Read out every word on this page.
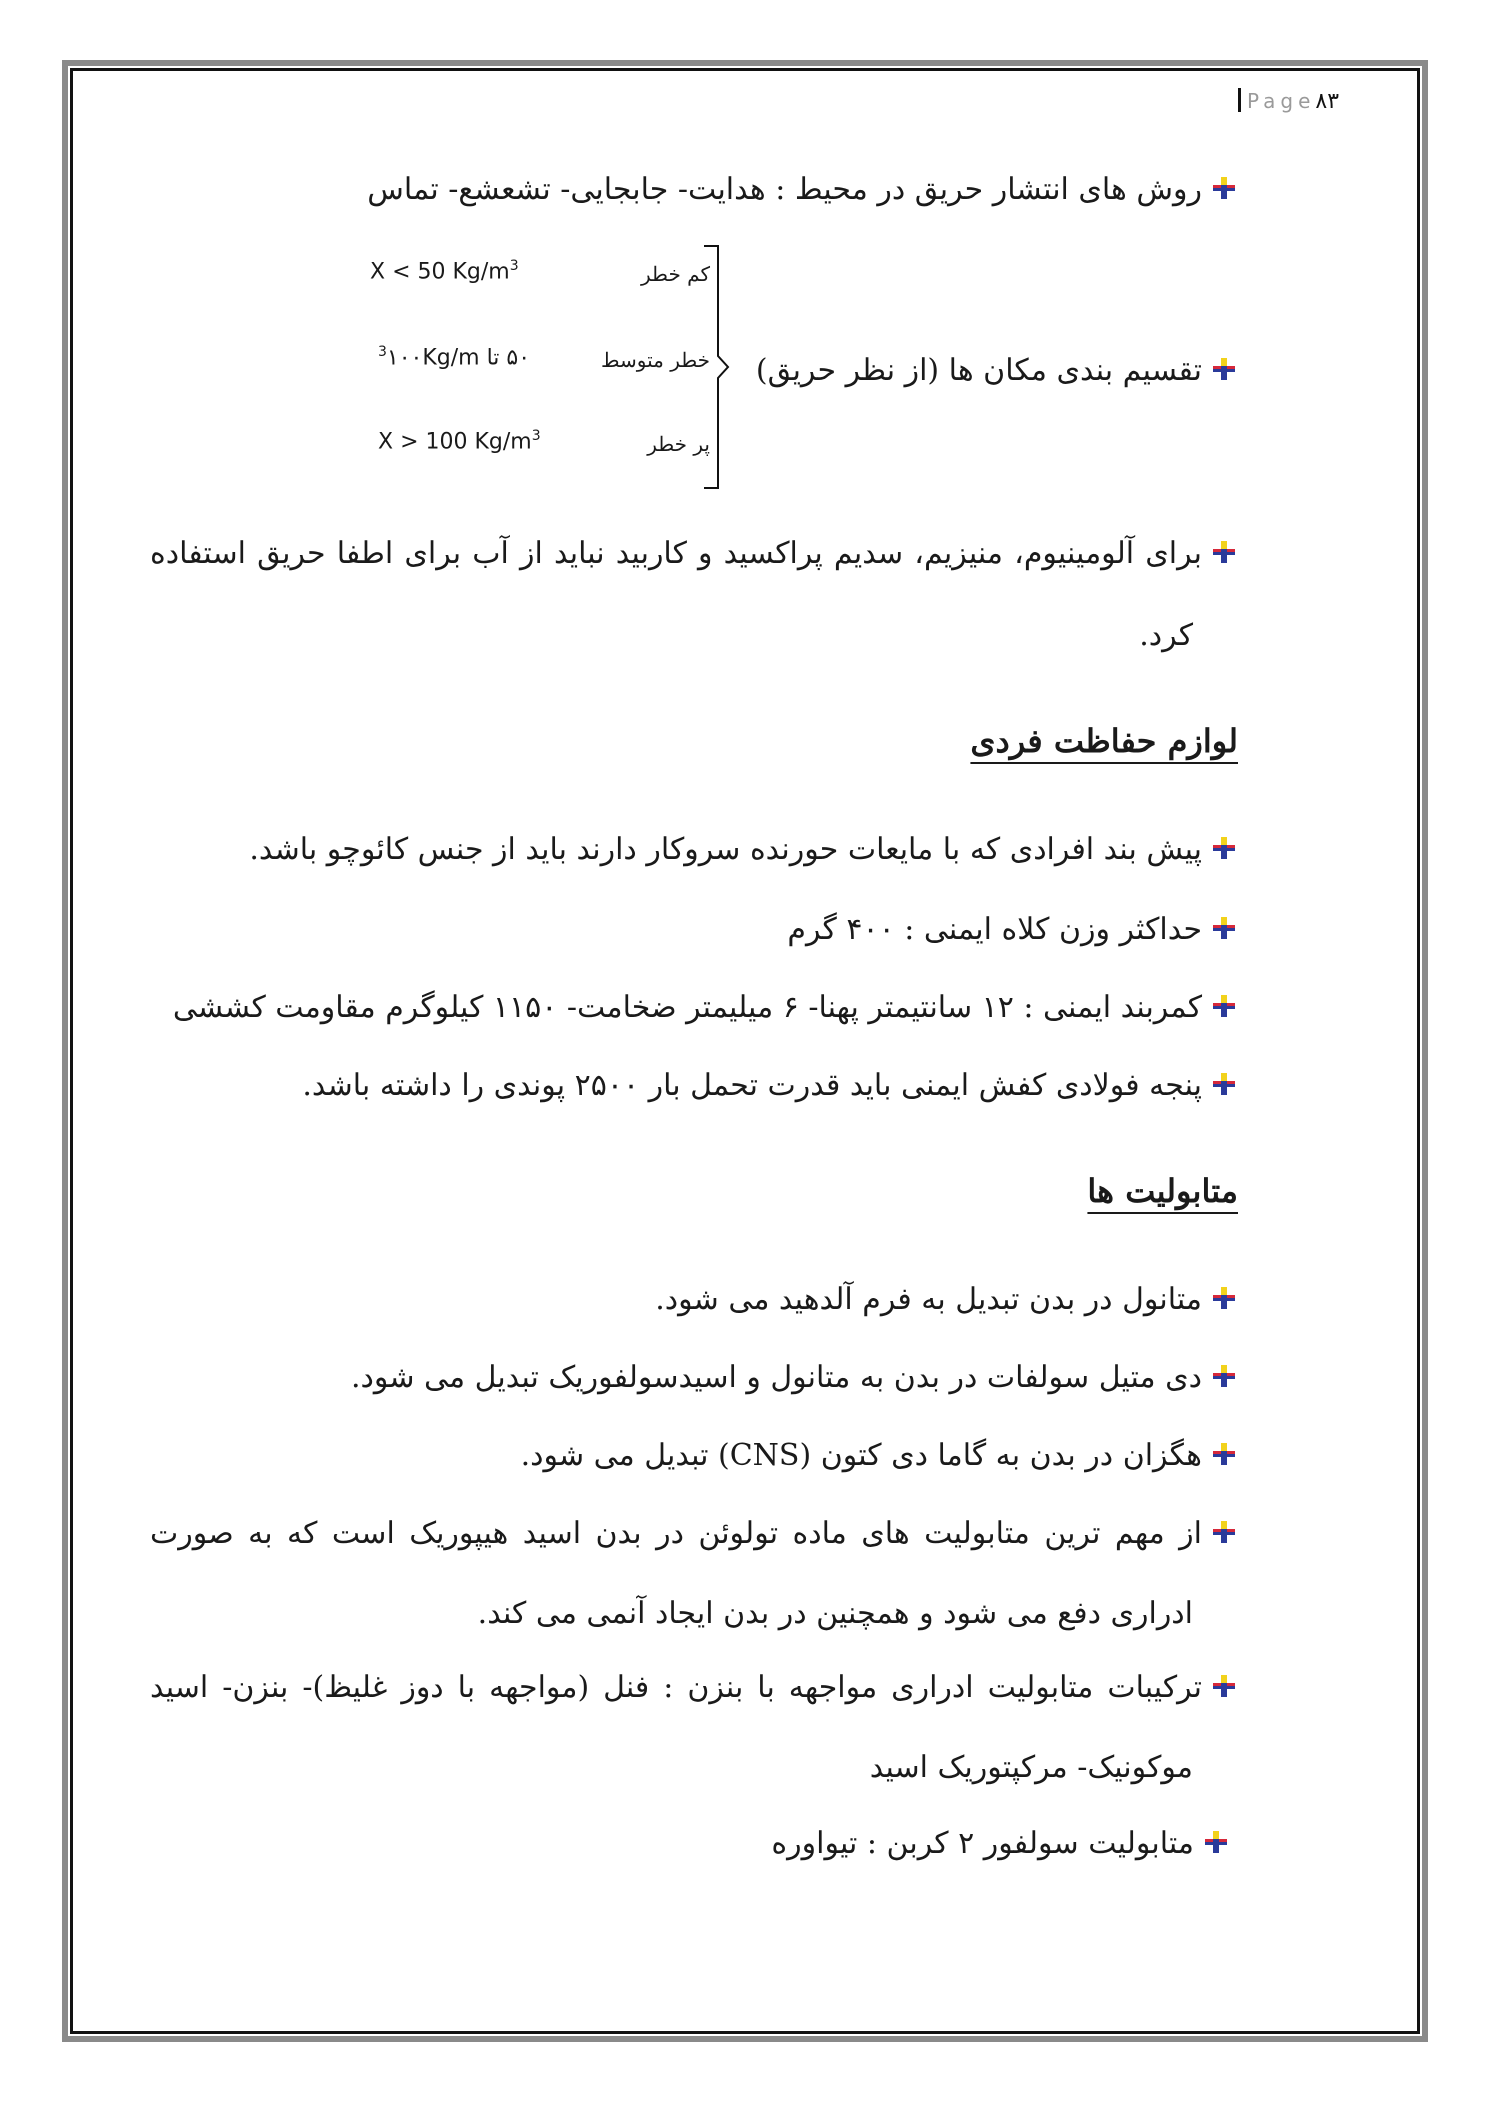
Page۸۳
روش های انتشار حریق در محیط : هدایت- جابجایی- تشعشع- تماس
تقسیم بندی مکان ها (از نظر حریق)
کم خطر
X < 50 $Kg/m^3$
خطر متوسط
۵۰ تا $۱۰۰Kg/m^3$
پر خطر
X > 100 $Kg/m^3$
برای آلومینیوم، منیزیم، سدیم پراکسید و کاربید نباید از آب برای اطفا حریق استفاده
کرد.
لوازم حفاظت فردی
پیش بند افرادی که با مایعات حورنده سروکار دارند باید از جنس کائوچو باشد.
حداکثر وزن کلاه ایمنی : ۴۰۰ گرم
کمربند ایمنی : ۱۲ سانتیمتر پهنا- ۶ میلیمتر ضخامت- ۱۱۵۰ کیلوگرم مقاومت کششی
پنجه فولادی کفش ایمنی باید قدرت تحمل بار ۲۵۰۰ پوندی را داشته باشد.
متابولیت ها
متانول در بدن تبدیل به فرم آلدهید می شود.
دی متیل سولفات در بدن به متانول و اسیدسولفوریک تبدیل می شود.
هگزان در بدن به گاما دی کتون (CNS) تبدیل می شود.
از مهم ترین متابولیت های ماده تولوئن در بدن اسید هیپوریک است که به صورت
ادراری دفع می شود و همچنین در بدن ایجاد آنمی می کند.
ترکیبات متابولیت ادراری مواجهه با بنزن : فنل (مواجهه با دوز غلیظ)- بنزن- اسید
موکونیک- مرکپتوریک اسید
متابولیت سولفور ۲ کربن : تیواوره
